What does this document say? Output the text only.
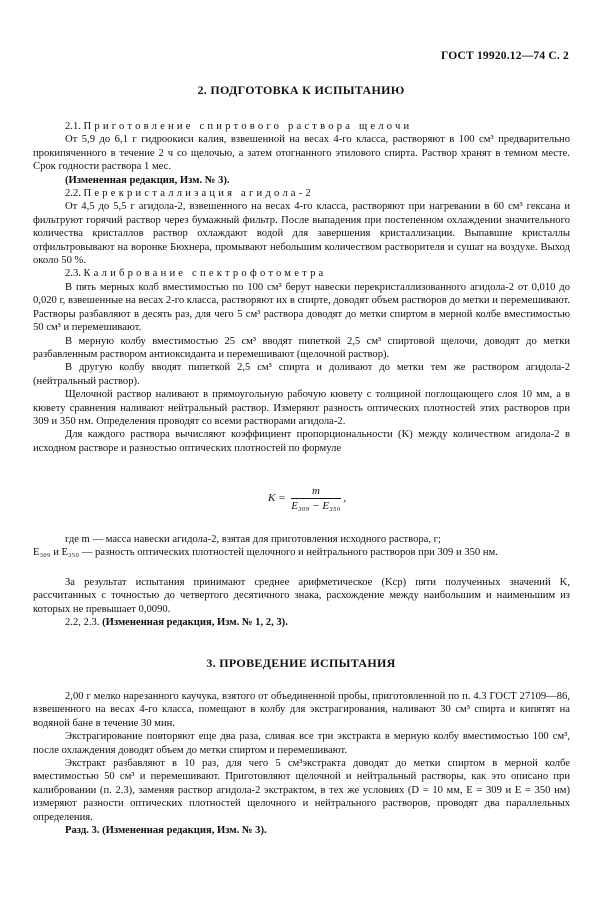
ГОСТ 19920.12—74 С. 2
2. ПОДГОТОВКА К ИСПЫТАНИЮ

2.1. Приготовление спиртового раствора щелочи

От 5,9 до 6,1 г гидроокиси калия, взвешенной на весах 4-го класса, растворяют в 100 см³ предварительно прокипяченного в течение 2 ч со щелочью, а затем отогнанного этилового спирта. Раствор хранят в темном месте. Срок годности раствора 1 мес.

(Измененная редакция, Изм. № 3).

2.2. Перекристаллизация агидола-2

От 4,5 до 5,5 г агидола-2, взвешенного на весах 4-го класса, растворяют при нагревании в 60 см³ гексана и фильтруют горячий раствор через бумажный фильтр. После выпадения при постепенном охлаждении значительного количества кристаллов раствор охлаждают водой для завершения кристаллизации. Выпавшие кристаллы отфильтровывают на воронке Бюхнера, промывают небольшим количеством растворителя и сушат на воздухе. Выход около 50 %.

2.3. Калибрование спектрофотометра

В пять мерных колб вместимостью по 100 см³ берут навески перекристаллизованного агидола-2 от 0,010 до 0,020 г, взвешенные на весах 2-го класса, растворяют их в спирте, доводят объем растворов до метки и перемешивают. Растворы разбавляют в десять раз, для чего 5 см³ раствора доводят до метки спиртом в мерной колбе вместимостью 50 см³ и перемешивают.

В мерную колбу вместимостью 25 см³ вводят пипеткой 2,5 см³ спиртовой щелочи, доводят до метки разбавленным раствором антиоксиданта и перемешивают (щелочной раствор).

В другую колбу вводят пипеткой 2,5 см³ спирта и доливают до метки тем же раствором агидола-2 (нейтральный раствор).

Щелочной раствор наливают в прямоугольную рабочую кювету с толщиной поглощающего слоя 10 мм, а в кювету сравнения наливают нейтральный раствор. Измеряют разность оптических плотностей этих растворов при 309 и 350 нм. Определения проводят со всеми растворами агидола-2.

Для каждого раствора вычисляют коэффициент пропорциональности (K) между количеством агидола-2 в исходном растворе и разностью оптических плотностей по формуле

$K = \frac{m}{\text{E₃₀₉ − E₃₅₀}}$ ,
где m — масса навески агидола-2, взятая для приготовления исходного раствора, г;
E₃₀₉ и E₃₅₀ — разность оптических плотностей щелочного и нейтрального растворов при 309 и 350 нм.

За результат испытания принимают среднее арифметическое (Kср) пяти полученных значений K, рассчитанных с точностью до четвертого десятичного знака, расхождение между наибольшим и наименьшим из которых не превышает 0,0090.

2.2, 2.3. (Измененная редакция, Изм. № 1, 2, 3).

3. ПРОВЕДЕНИЕ ИСПЫТАНИЯ

2,00 г мелко нарезанного каучука, взятого от объединенной пробы, приготовленной по п. 4.3 ГОСТ 27109—86, взвешенного на весах 4-го класса, помещают в колбу для экстрагирования, наливают 30 см³ спирта и кипятят на водяной бане в течение 30 мин.

Экстрагирование повторяют еще два раза, сливая все три экстракта в мерную колбу вместимостью 100 см³, после охлаждения доводят объем до метки спиртом и перемешивают.

Экстракт разбавляют в 10 раз, для чего 5 см³экстракта доводят до метки спиртом в мерной колбе вместимостью 50 см³ и перемешивают. Приготовляют щелочной и нейтральный растворы, как это описано при калибровании (п. 2.3), заменяя раствор агидола-2 экстрактом, в тех же условиях (D = 10 мм, E = 309 и E = 350 нм) измеряют разности оптических плотностей щелочного и нейтрального растворов, проводят два параллельных определения.

Разд. 3. (Измененная редакция, Изм. № 3).
